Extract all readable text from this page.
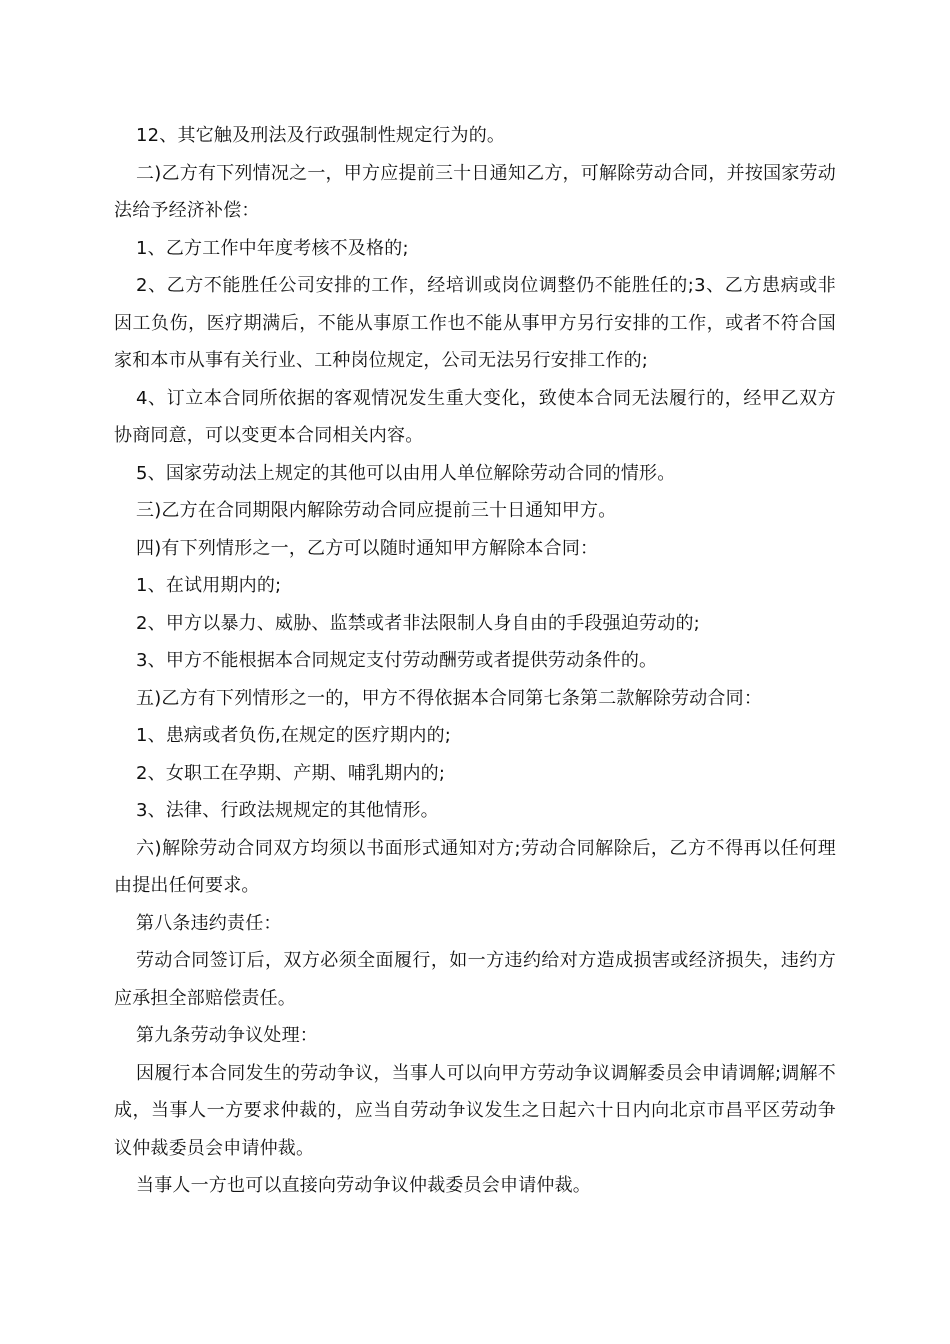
12、其它触及刑法及行政强制性规定行为的。

二)乙方有下列情况之一，甲方应提前三十日通知乙方，可解除劳动合同，并按国家劳动法给予经济补偿：

1、乙方工作中年度考核不及格的;

2、乙方不能胜任公司安排的工作，经培训或岗位调整仍不能胜任的;3、乙方患病或非因工负伤，医疗期满后，不能从事原工作也不能从事甲方另行安排的工作，或者不符合国家和本市从事有关行业、工种岗位规定，公司无法另行安排工作的;

4、订立本合同所依据的客观情况发生重大变化，致使本合同无法履行的，经甲乙双方协商同意，可以变更本合同相关内容。

5、国家劳动法上规定的其他可以由用人单位解除劳动合同的情形。

三)乙方在合同期限内解除劳动合同应提前三十日通知甲方。

四)有下列情形之一，乙方可以随时通知甲方解除本合同：

1、在试用期内的;

2、甲方以暴力、威胁、监禁或者非法限制人身自由的手段强迫劳动的;

3、甲方不能根据本合同规定支付劳动酬劳或者提供劳动条件的。

五)乙方有下列情形之一的，甲方不得依据本合同第七条第二款解除劳动合同：

1、患病或者负伤,在规定的医疗期内的;

2、女职工在孕期、产期、哺乳期内的;

3、法律、行政法规规定的其他情形。

六)解除劳动合同双方均须以书面形式通知对方;劳动合同解除后，乙方不得再以任何理由提出任何要求。

第八条违约责任：

劳动合同签订后，双方必须全面履行，如一方违约给对方造成损害或经济损失，违约方应承担全部赔偿责任。

第九条劳动争议处理：

因履行本合同发生的劳动争议，当事人可以向甲方劳动争议调解委员会申请调解;调解不成，当事人一方要求仲裁的，应当自劳动争议发生之日起六十日内向北京市昌平区劳动争议仲裁委员会申请仲裁。

当事人一方也可以直接向劳动争议仲裁委员会申请仲裁。
